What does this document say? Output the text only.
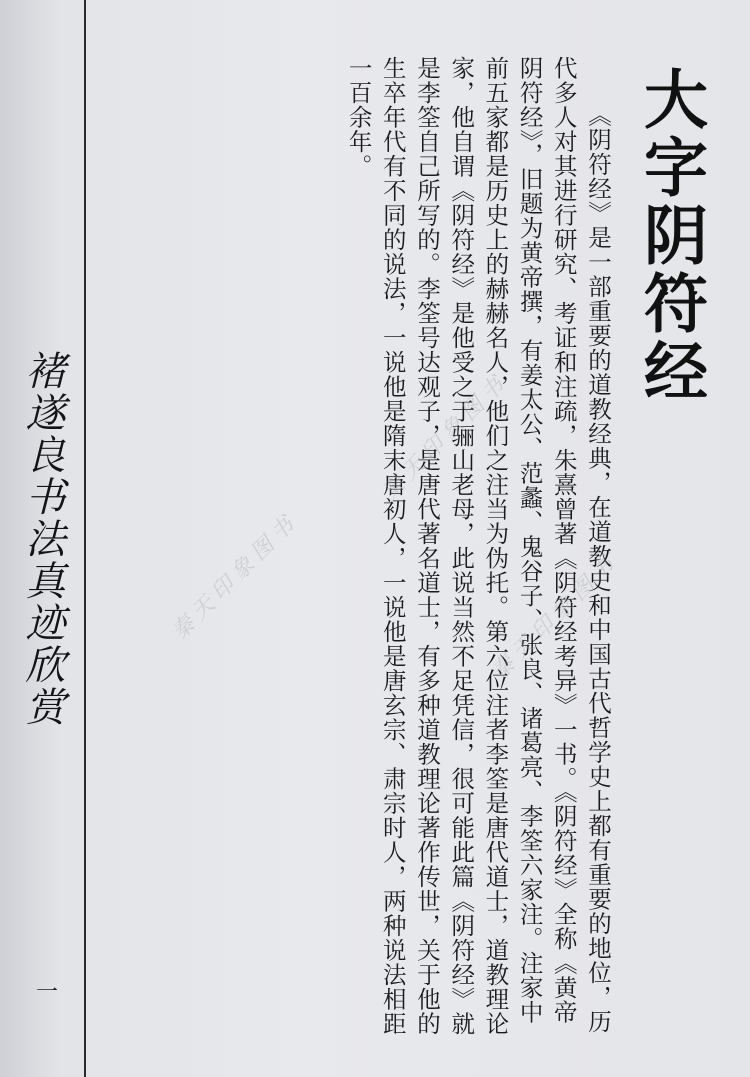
褚遂良书法真迹欣赏
一
大字阴符经

《阴符经》是一部重要的道教经典，在道教史和中国古代哲学史上都有重要的地位，历代多人对其进行研究、考证和注疏，朱熹曾著《阴符经考异》一书。《阴符经》全称《黄帝阴符经》，旧题为黄帝撰，有姜太公、范蠡、鬼谷子、张良、诸葛亮、李筌六家注。注家中前五家都是历史上的赫赫名人，他们之注当为伪托。第六位注者李筌是唐代道士，道教理论家，他自谓《阴符经》是他受之于骊山老母，此说当然不足凭信，很可能此篇《阴符经》就是李筌自己所写的。李筌号达观子，是唐代著名道士，有多种道教理论著作传世，关于他的生卒年代有不同的说法，一说他是隋末唐初人，一说他是唐玄宗、肃宗时人，两种说法相距一百余年。

秦天印象图书
秦天印象图书
秦天印象图书
